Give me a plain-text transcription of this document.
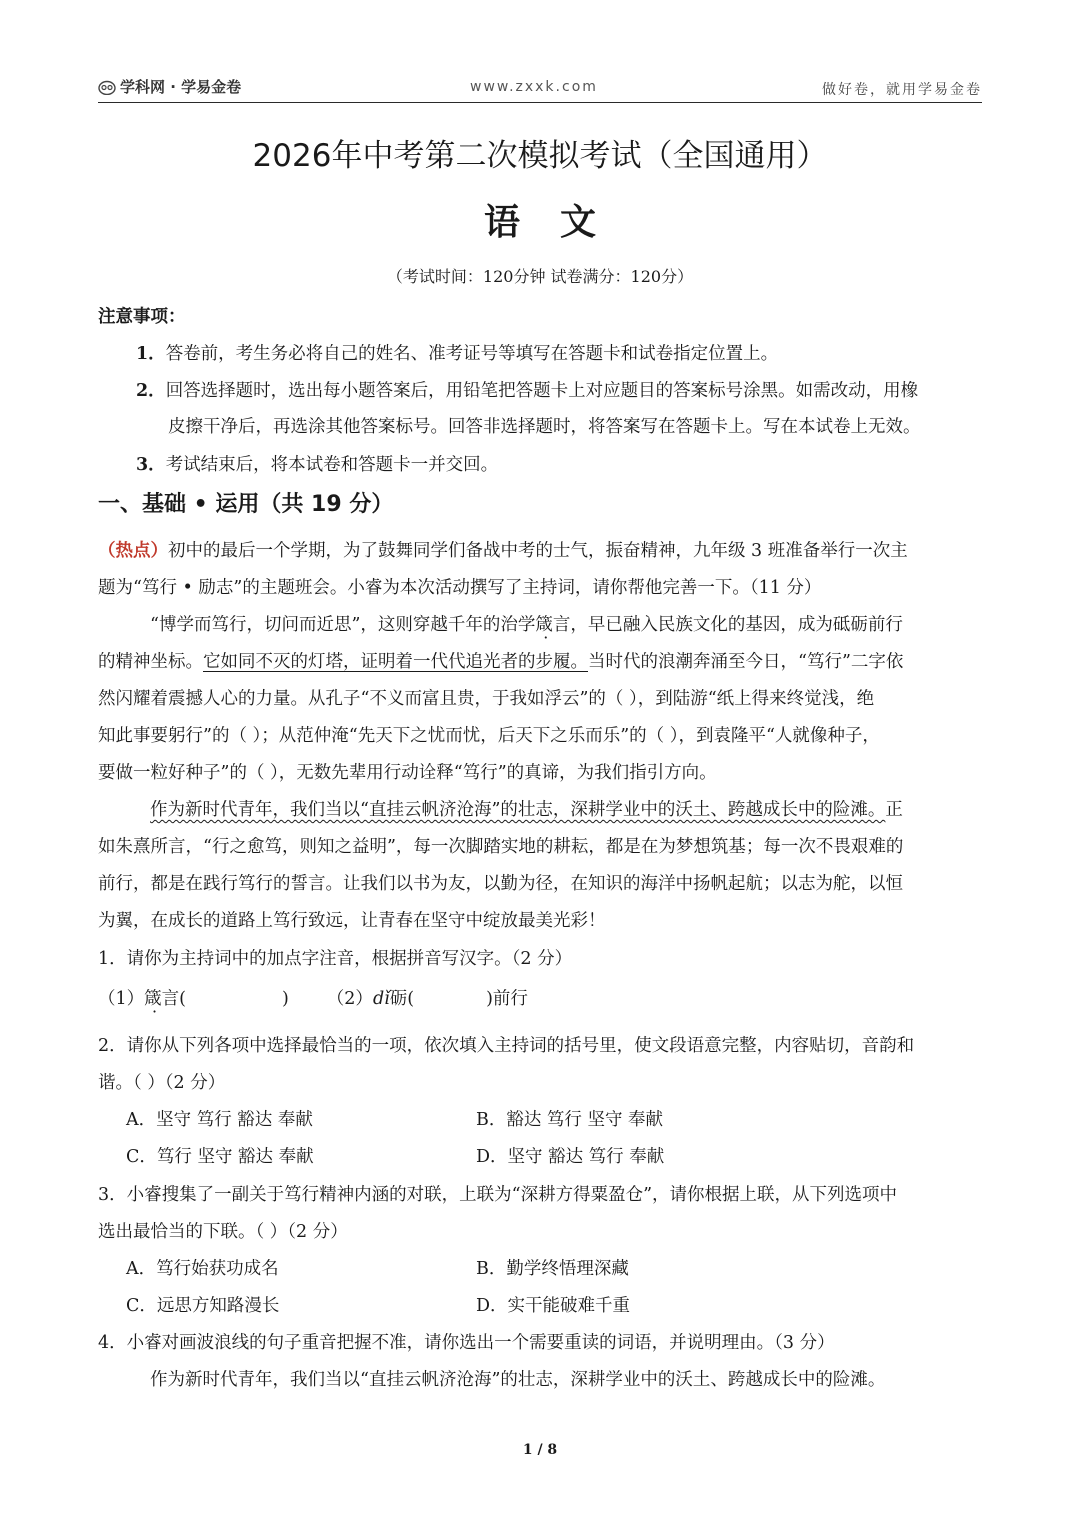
学科网 · 学易金卷	www.zxxk.com	做好卷，就用学易金卷
2026年中考第二次模拟考试（全国通用）
语文
（考试时间：120分钟 试卷满分：120分）
注意事项：
1．答卷前，考生务必将自己的姓名、准考证号等填写在答题卡和试卷指定位置上。
2．回答选择题时，选出每小题答案后，用铅笔把答题卡上对应题目的答案标号涂黑。如需改动，用橡
皮擦干净后，再选涂其他答案标号。回答非选择题时，将答案写在答题卡上。写在本试卷上无效。
3．考试结束后，将本试卷和答题卡一并交回。
一、基础 • 运用（共 19 分）
（热点）初中的最后一个学期，为了鼓舞同学们备战中考的士气，振奋精神，九年级 3 班准备举行一次主
题为“笃行 • 励志”的主题班会。小睿为本次活动撰写了主持词，请你帮他完善一下。（11 分）
“博学而笃行，切问而近思”，这则穿越千年的治学箴言，早已融入民族文化的基因，成为砥砺前行
的精神坐标。它如同不灭的灯塔，证明着一代代追光者的步履。当时代的浪潮奔涌至今日，“笃行”二字依
然闪耀着震撼人心的力量。从孔子“不义而富且贵，于我如浮云”的（ ），到陆游“纸上得来终觉浅，绝
知此事要躬行”的（ ）；从范仲淹“先天下之忧而忧，后天下之乐而乐”的（ ），到袁隆平“人就像种子，
要做一粒好种子”的（ ），无数先辈用行动诠释“笃行”的真谛，为我们指引方向。
作为新时代青年，我们当以“直挂云帆济沧海”的壮志，深耕学业中的沃土、跨越成长中的险滩。正
如朱熹所言，“行之愈笃，则知之益明”，每一次脚踏实地的耕耘，都是在为梦想筑基；每一次不畏艰难的
前行，都是在践行笃行的誓言。让我们以书为友，以勤为径，在知识的海洋中扬帆起航；以志为舵，以恒
为翼，在成长的道路上笃行致远，让青春在坚守中绽放最美光彩！
1．请你为主持词中的加点字注音，根据拼音写汉字。（2 分）
（1）箴言(	) （2）dǐ砺(	)前行
2．请你从下列各项中选择最恰当的一项，依次填入主持词的括号里，使文段语意完整，内容贴切，音韵和
谐。（ ）（2 分）
A．坚守 笃行 豁达 奉献	B．豁达 笃行 坚守 奉献
C．笃行 坚守 豁达 奉献	D．坚守 豁达 笃行 奉献
3．小睿搜集了一副关于笃行精神内涵的对联，上联为“深耕方得粟盈仓”，请你根据上联，从下列选项中
选出最恰当的下联。（ ）（2 分）
A．笃行始获功成名	B．勤学终悟理深藏
C．远思方知路漫长	D．实干能破难千重
4．小睿对画波浪线的句子重音把握不准，请你选出一个需要重读的词语，并说明理由。（3 分）
作为新时代青年，我们当以“直挂云帆济沧海”的壮志，深耕学业中的沃土、跨越成长中的险滩。
1 / 8
